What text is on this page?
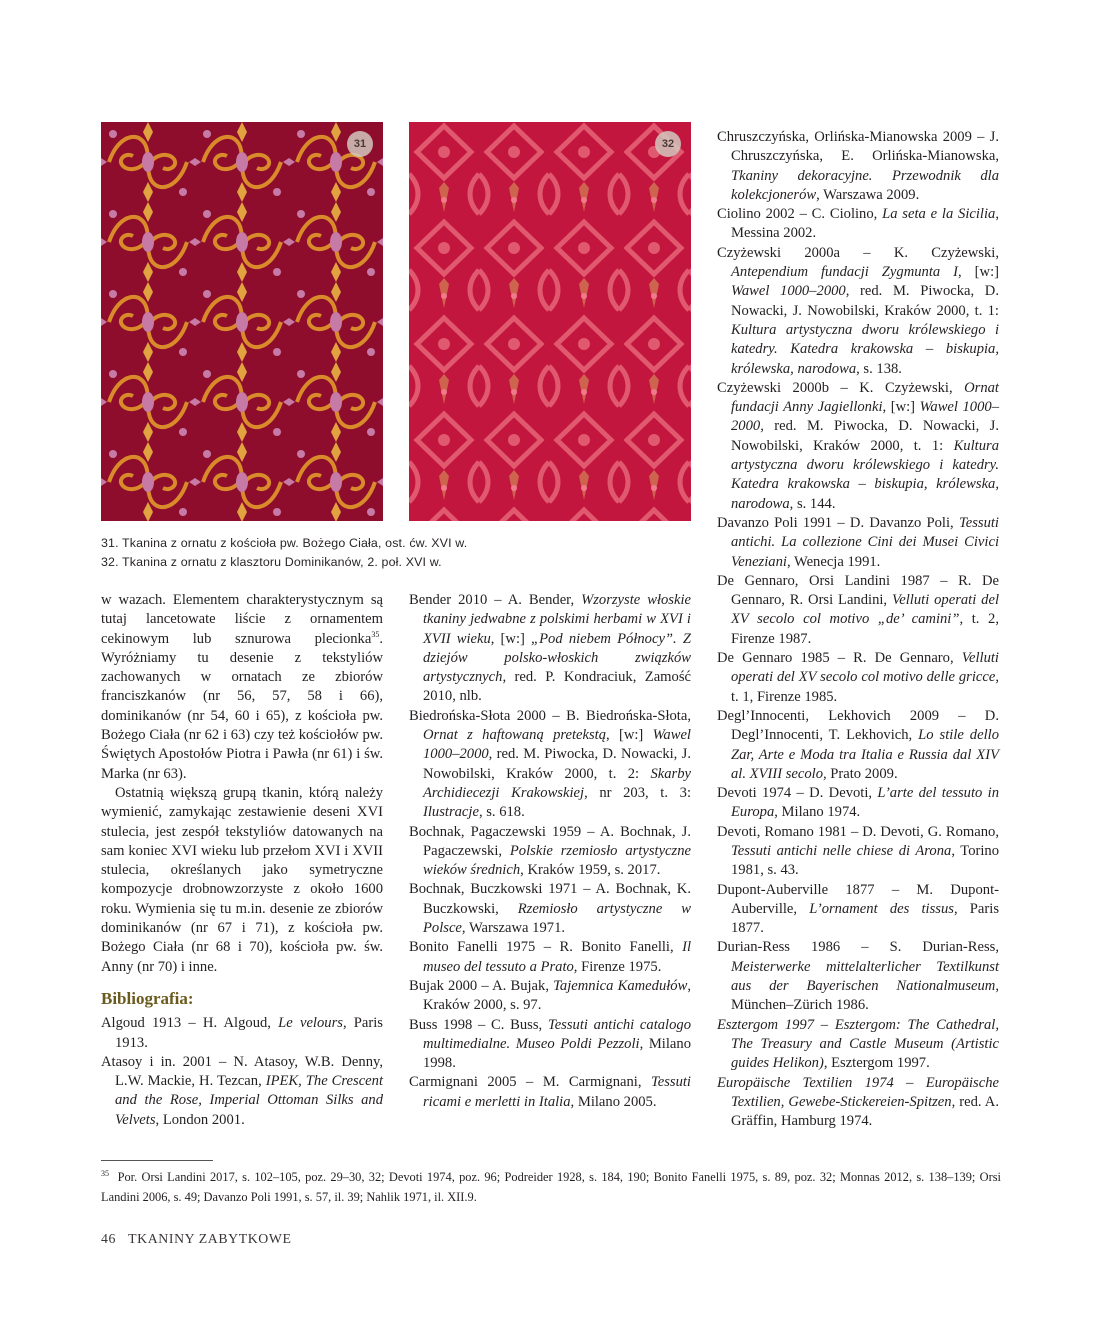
31	32
31. Tkanina z ornatu z kościoła pw. Bożego Ciała, ost. ćw. XVI w.
32. Tkanina z ornatu z klasztoru Dominikanów, 2. poł. XVI w.

w wazach. Elementem charakterystycznym są tutaj lancetowate liście z ornamentem cekinowym lub sznurowa plecionka$^{35}$. Wyróżniamy tu desenie z tekstyliów zachowanych w ornatach ze zbiorów franciszkanów (nr 56, 57, 58 i 66), dominikanów (nr 54, 60 i 65), z kościoła pw. Bożego Ciała (nr 62 i 63) czy też kościołów pw. Świętych Apostołów Piotra i Pawła (nr 61) i św. Marka (nr 63).

Ostatnią większą grupą tkanin, którą należy wymienić, zamykając zestawienie deseni XVI stulecia, jest zespół tekstyliów datowanych na sam koniec XVI wieku lub przełom XVI i XVII stulecia, określanych jako symetryczne kompozycje drobnowzorzyste z około 1600 roku. Wymienia się tu m.in. desenie ze zbiorów dominikanów (nr 67 i 71), z kościoła pw. Bożego Ciała (nr 68 i 70), kościoła pw. św. Anny (nr 70) i inne.

Bibliografia:

Algoud 1913 – H. Algoud, Le velours, Paris 1913.

Atasoy i in. 2001 – N. Atasoy, W.B. Denny, L.W. Mackie, H. Tezcan, IPEK, The Crescent and the Rose, Imperial Ottoman Silks and Velvets, London 2001.

Bender 2010 – A. Bender, Wzorzyste włoskie tkaniny jedwabne z polskimi herbami w XVI i XVII wieku, [w:] „Pod niebem Północy”. Z dziejów polsko-włoskich związków artystycznych, red. P. Kondraciuk, Zamość 2010, nlb.

Biedrońska-Słota 2000 – B. Biedrońska-Słota, Ornat z haftowaną pretekstą, [w:] Wawel 1000–2000, red. M. Piwocka, D. Nowacki, J. Nowobilski, Kraków 2000, t. 2: Skarby Archidiecezji Krakowskiej, nr 203, t. 3: Ilustracje, s. 618.

Bochnak, Pagaczewski 1959 – A. Bochnak, J. Pagaczewski, Polskie rzemiosło artystyczne wieków średnich, Kraków 1959, s. 2017.

Bochnak, Buczkowski 1971 – A. Bochnak, K. Buczkowski, Rzemiosło artystyczne w Polsce, Warszawa 1971.

Bonito Fanelli 1975 – R. Bonito Fanelli, Il museo del tessuto a Prato, Firenze 1975.

Bujak 2000 – A. Bujak, Tajemnica Kamedułów, Kraków 2000, s. 97.

Buss 1998 – C. Buss, Tessuti antichi catalogo multimedialne. Museo Poldi Pezzoli, Milano 1998.

Carmignani 2005 – M. Carmignani, Tessuti ricami e merletti in Italia, Milano 2005.

Chruszczyńska, Orlińska-Mianowska 2009 – J. Chruszczyńska, E. Orlińska-Mianowska, Tkaniny dekoracyjne. Przewodnik dla kolekcjonerów, Warszawa 2009.

Ciolino 2002 – C. Ciolino, La seta e la Sicilia, Messina 2002.

Czyżewski 2000a – K. Czyżewski, Antependium fundacji Zygmunta I, [w:] Wawel 1000–2000, red. M. Piwocka, D. Nowacki, J. Nowobilski, Kraków 2000, t. 1: Kultura artystyczna dworu królewskiego i katedry. Katedra krakowska – biskupia, królewska, narodowa, s. 138.

Czyżewski 2000b – K. Czyżewski, Ornat fundacji Anny Jagiellonki, [w:] Wawel 1000–2000, red. M. Piwocka, D. Nowacki, J. Nowobilski, Kraków 2000, t. 1: Kultura artystyczna dworu królewskiego i katedry. Katedra krakowska – biskupia, królewska, narodowa, s. 144.

Davanzo Poli 1991 – D. Davanzo Poli, Tessuti antichi. La collezione Cini dei Musei Civici Veneziani, Wenecja 1991.

De Gennaro, Orsi Landini 1987 – R. De Gennaro, R. Orsi Landini, Velluti operati del XV secolo col motivo „de’ camini”, t. 2, Firenze 1987.

De Gennaro 1985 – R. De Gennaro, Velluti operati del XV secolo col motivo delle gricce, t. 1, Firenze 1985.

Degl’Innocenti, Lekhovich 2009 – D. Degl’Innocenti, T. Lekhovich, Lo stile dello Zar, Arte e Moda tra Italia e Russia dal XIV al. XVIII secolo, Prato 2009.

Devoti 1974 – D. Devoti, L’arte del tessuto in Europa, Milano 1974.

Devoti, Romano 1981 – D. Devoti, G. Romano, Tessuti antichi nelle chiese di Arona, Torino 1981, s. 43.

Dupont-Auberville 1877 – M. Dupont-Auberville, L’ornament des tissus, Paris 1877.

Durian-Ress 1986 – S. Durian-Ress, Meisterwerke mittelalterlicher Textilkunst aus der Bayerischen Nationalmuseum, München–Zürich 1986.

Esztergom 1997 – Esztergom: The Cathedral, The Treasury and Castle Museum (Artistic guides Helikon), Esztergom 1997.

Europäische Textilien 1974 – Europäische Textilien, Gewebe-Stickereien-Spitzen, red. A. Gräffin, Hamburg 1974.

$^{35}$ Por. Orsi Landini 2017, s. 102–105, poz. 29–30, 32; Devoti 1974, poz. 96; Podreider 1928, s. 184, 190; Bonito Fanelli 1975, s. 89, poz. 32; Monnas 2012, s. 138–139; Orsi Landini 2006, s. 49; Davanzo Poli 1991, s. 57, il. 39; Nahlik 1971, il. XII.9.
46 TKANINY ZABYTKOWE
